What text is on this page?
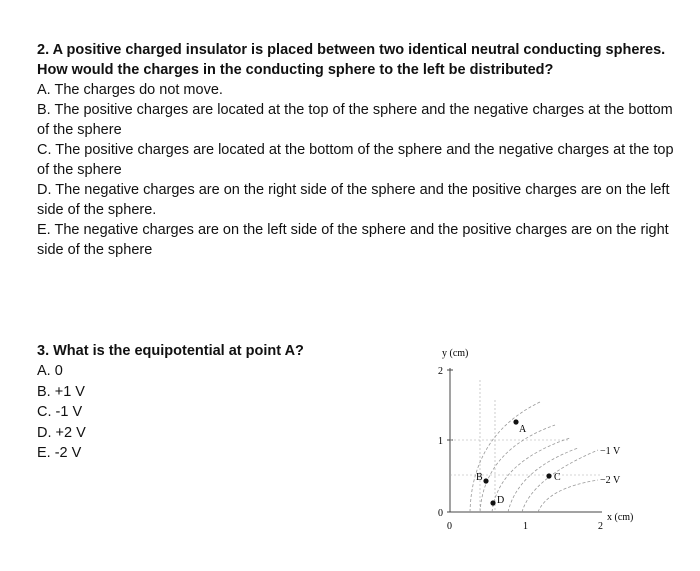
2. A positive charged insulator is placed between two identical neutral conducting spheres. How would the charges in the conducting sphere to the left be distributed?
A. The charges do not move.
B. The positive charges are located at the top of the sphere and the negative charges at the bottom of the sphere
C. The positive charges are located at the bottom of the sphere and the negative charges at the top of the sphere
D. The negative charges are on the right side of the sphere and the positive charges are on the left side of the sphere.
E. The negative charges are on the left side of the sphere and the positive charges are on the right side of the sphere
3. What is the equipotential at point A?
A. 0
B. +1 V
C. -1 V
D. +2 V
E. -2 V
y (cm)
2
1
0
0	1	2
x (cm)
−1 V
−2 V
A
B	C
D
